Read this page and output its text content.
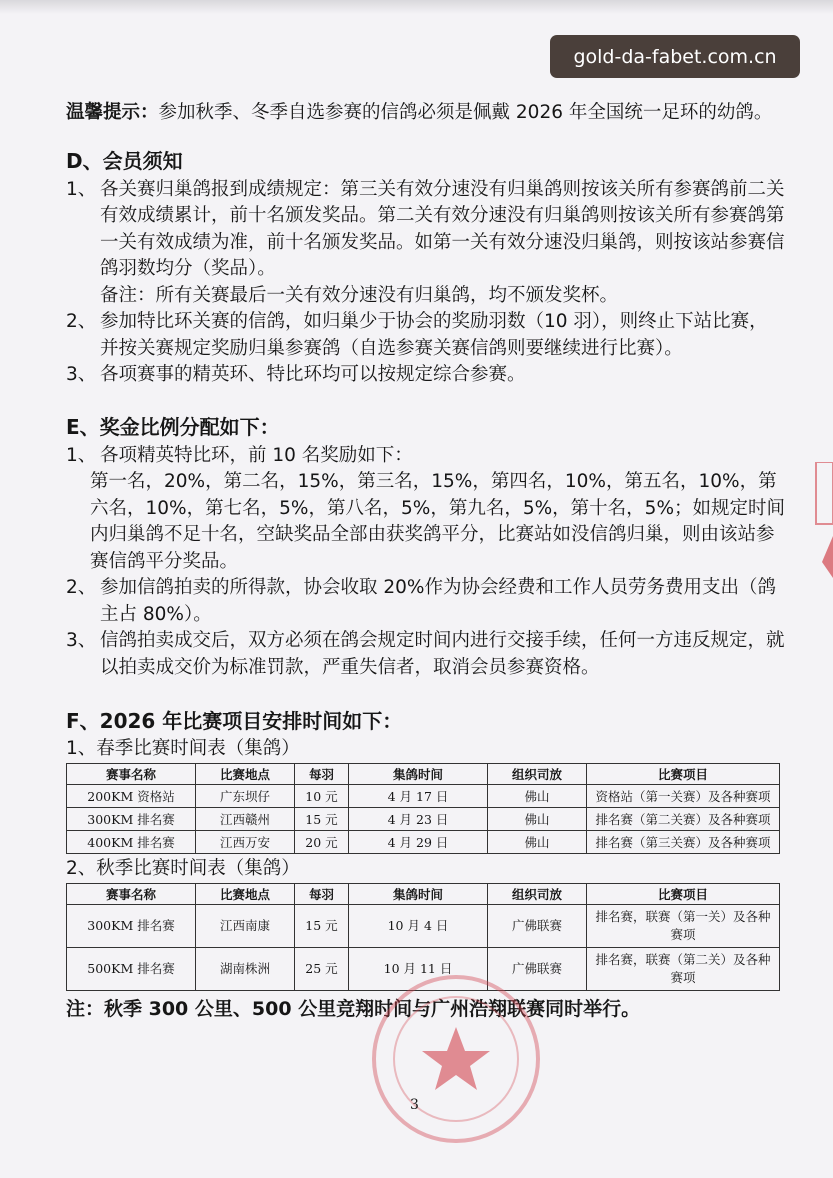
gold-da-fabet.com.cn

温馨提示：参加秋季、冬季自选参赛的信鸽必须是佩戴 2026 年全国统一足环的幼鸽。

D、会员须知
1、 各关赛归巢鸽报到成绩规定：第三关有效分速没有归巢鸽则按该关所有参赛鸽前二关有效成绩累计，前十名颁发奖品。第二关有效分速没有归巢鸽则按该关所有参赛鸽第一关有效成绩为准，前十名颁发奖品。如第一关有效分速没归巢鸽，则按该站参赛信鸽羽数均分（奖品）。
备注：所有关赛最后一关有效分速没有归巢鸽，均不颁发奖杯。
2、 参加特比环关赛的信鸽，如归巢少于协会的奖励羽数（10 羽），则终止下站比赛，并按关赛规定奖励归巢参赛鸽（自选参赛关赛信鸽则要继续进行比赛）。
3、 各项赛事的精英环、特比环均可以按规定综合参赛。
E、奖金比例分配如下：
1、 各项精英特比环，前 10 名奖励如下：
第一名，20%，第二名，15%，第三名，15%，第四名，10%，第五名，10%，第六名，10%，第七名，5%，第八名，5%，第九名，5%，第十名，5%；如规定时间内归巢鸽不足十名，空缺奖品全部由获奖鸽平分，比赛站如没信鸽归巢，则由该站参赛信鸽平分奖品。
2、 参加信鸽拍卖的所得款，协会收取 20%作为协会经费和工作人员劳务费用支出（鸽主占 80%）。
3、 信鸽拍卖成交后，双方必须在鸽会规定时间内进行交接手续，任何一方违反规定，就以拍卖成交价为标准罚款，严重失信者，取消会员参赛资格。
F、2026 年比赛项目安排时间如下：
1、春季比赛时间表（集鸽）
赛事名称	比赛地点	每羽	集鸽时间	组织司放	比赛项目
200KM 资格站	广东坝仔	10 元	4 月 17 日	佛山	资格站（第一关赛）及各种赛项
300KM 排名赛	江西赣州	15 元	4 月 23 日	佛山	排名赛（第二关赛）及各种赛项
400KM 排名赛	江西万安	20 元	4 月 29 日	佛山	排名赛（第三关赛）及各种赛项
2、秋季比赛时间表（集鸽）
赛事名称	比赛地点	每羽	集鸽时间	组织司放	比赛项目
300KM 排名赛	江西南康	15 元	10 月 4 日	广佛联赛	排名赛，联赛（第一关）及各种赛项
500KM 排名赛	湖南株洲	25 元	10 月 11 日	广佛联赛	排名赛，联赛（第二关）及各种赛项
注：秋季 300 公里、500 公里竞翔时间与广州浩翔联赛同时举行。
3
